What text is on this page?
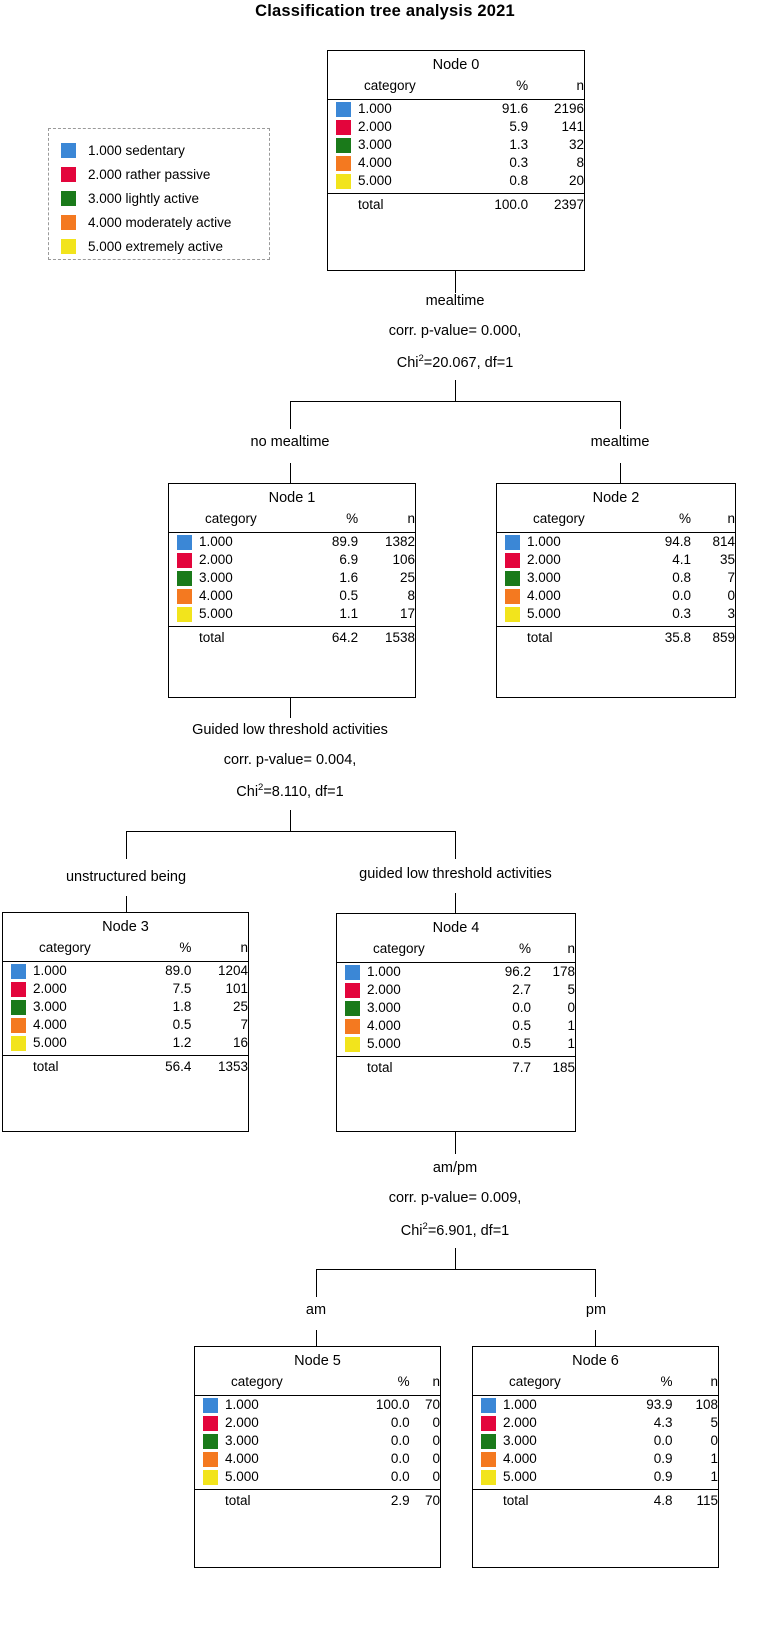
Classification tree analysis 2021
1.000 sedentary
2.000 rather passive
3.000 lightly active
4.000 moderately active
5.000 extremely active
Node 0
	category	%	n

	1.000	91.6	2196
	2.000	5.9	141
	3.000	1.3	32
	4.000	0.3	8
	5.000	0.8	20

	total	100.0	2397
mealtime
corr. p-value= 0.000,
Chi$^2$=20.067, df=1
no mealtime	mealtime
Node 1
	category	%	n

	1.000	89.9	1382
	2.000	6.9	106
	3.000	1.6	25
	4.000	0.5	8
	5.000	1.1	17

	total	64.2	1538
Node 2
	category	%	n

	1.000	94.8	814
	2.000	4.1	35
	3.000	0.8	7
	4.000	0.0	0
	5.000	0.3	3

	total	35.8	859
Guided low threshold activities
corr. p-value= 0.004,
Chi$^2$=8.110, df=1
unstructured being	guided low threshold activities
Node 3
	category	%	n

	1.000	89.0	1204
	2.000	7.5	101
	3.000	1.8	25
	4.000	0.5	7
	5.000	1.2	16

	total	56.4	1353
Node 4
	category	%	n

	1.000	96.2	178
	2.000	2.7	5
	3.000	0.0	0
	4.000	0.5	1
	5.000	0.5	1

	total	7.7	185
am/pm
corr. p-value= 0.009,
Chi$^2$=6.901, df=1
am	pm
Node 5
	category	%	n

	1.000	100.0	70
	2.000	0.0	0
	3.000	0.0	0
	4.000	0.0	0
	5.000	0.0	0

	total	2.9	70
Node 6
	category	%	n

	1.000	93.9	108
	2.000	4.3	5
	3.000	0.0	0
	4.000	0.9	1
	5.000	0.9	1

	total	4.8	115
